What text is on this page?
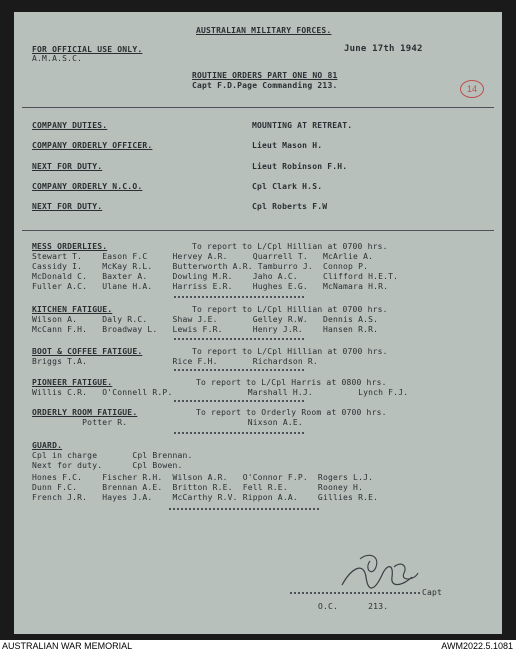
AUSTRALIAN MILITARY FORCES.
FOR OFFICIAL USE ONLY.	June 17th 1942
A.M.A.S.C.
ROUTINE ORDERS PART ONE NO 81
Capt F.D.Page Commanding 213.	14
COMPANY DUTIES.	MOUNTING AT RETREAT.
COMPANY ORDERLY OFFICER.	Lieut Mason H.
NEXT FOR DUTY.	Lieut Robinson F.H.
COMPANY ORDERLY N.C.O.	Cpl Clark H.S.
NEXT FOR DUTY.	Cpl Roberts F.W
MESS ORDERLIES.	To report to L/Cpl Hillian at 0700 hrs.
Stewart T.    Eason F.C     Hervey A.R.     Quarrell T.   McArlie A.
Cassidy I.    McKay R.L.    Butterworth A.R. Tamburro J.  Connop P.
McDonald C.   Baxter A.     Dowling M.R.    Jaho A.C.     Clifford H.E.T.
Fuller A.C.   Ulane H.A.    Harriss E.R.    Hughes E.G.   McNamara H.R.
KITCHEN FATIGUE.	To report to L/Cpl Hillian at 0700 hrs.
Wilson A.     Daly R.C.     Shaw J.E.       Gelley R.W.   Dennis A.S.
McCann F.H.   Broadway L.   Lewis F.R.      Henry J.R.    Hansen R.R.
BOOT & COFFEE FATIGUE.	To report to L/Cpl Hillian at 0700 hrs.
Briggs T.A.                 Rice F.H.       Richardson R.
PIONEER FATIGUE.	To report to L/Cpl Harris at 0800 hrs.
Willis C.R.   O'Connell R.P.               Marshall H.J.         Lynch F.J.
ORDERLY ROOM FATIGUE.	To report to Orderly Room at 0700 hrs.
Potter R.                        Nixson A.E.
GUARD.
Cpl in charge       Cpl Brennan.
Next for duty.      Cpl Bowen.
Hones F.C.    Fischer R.H.  Wilson A.R.   O'Connor F.P.  Rogers L.J.
Dunn F.C.     Brennan A.E.  Britton R.E.  Fell R.E.      Rooney H.
French J.R.   Hayes J.A.    McCarthy R.V. Rippon A.A.    Gillies R.E.
Capt
O.C.      213.
AUSTRALIAN WAR MEMORIAL	AWM2022.5.1081
